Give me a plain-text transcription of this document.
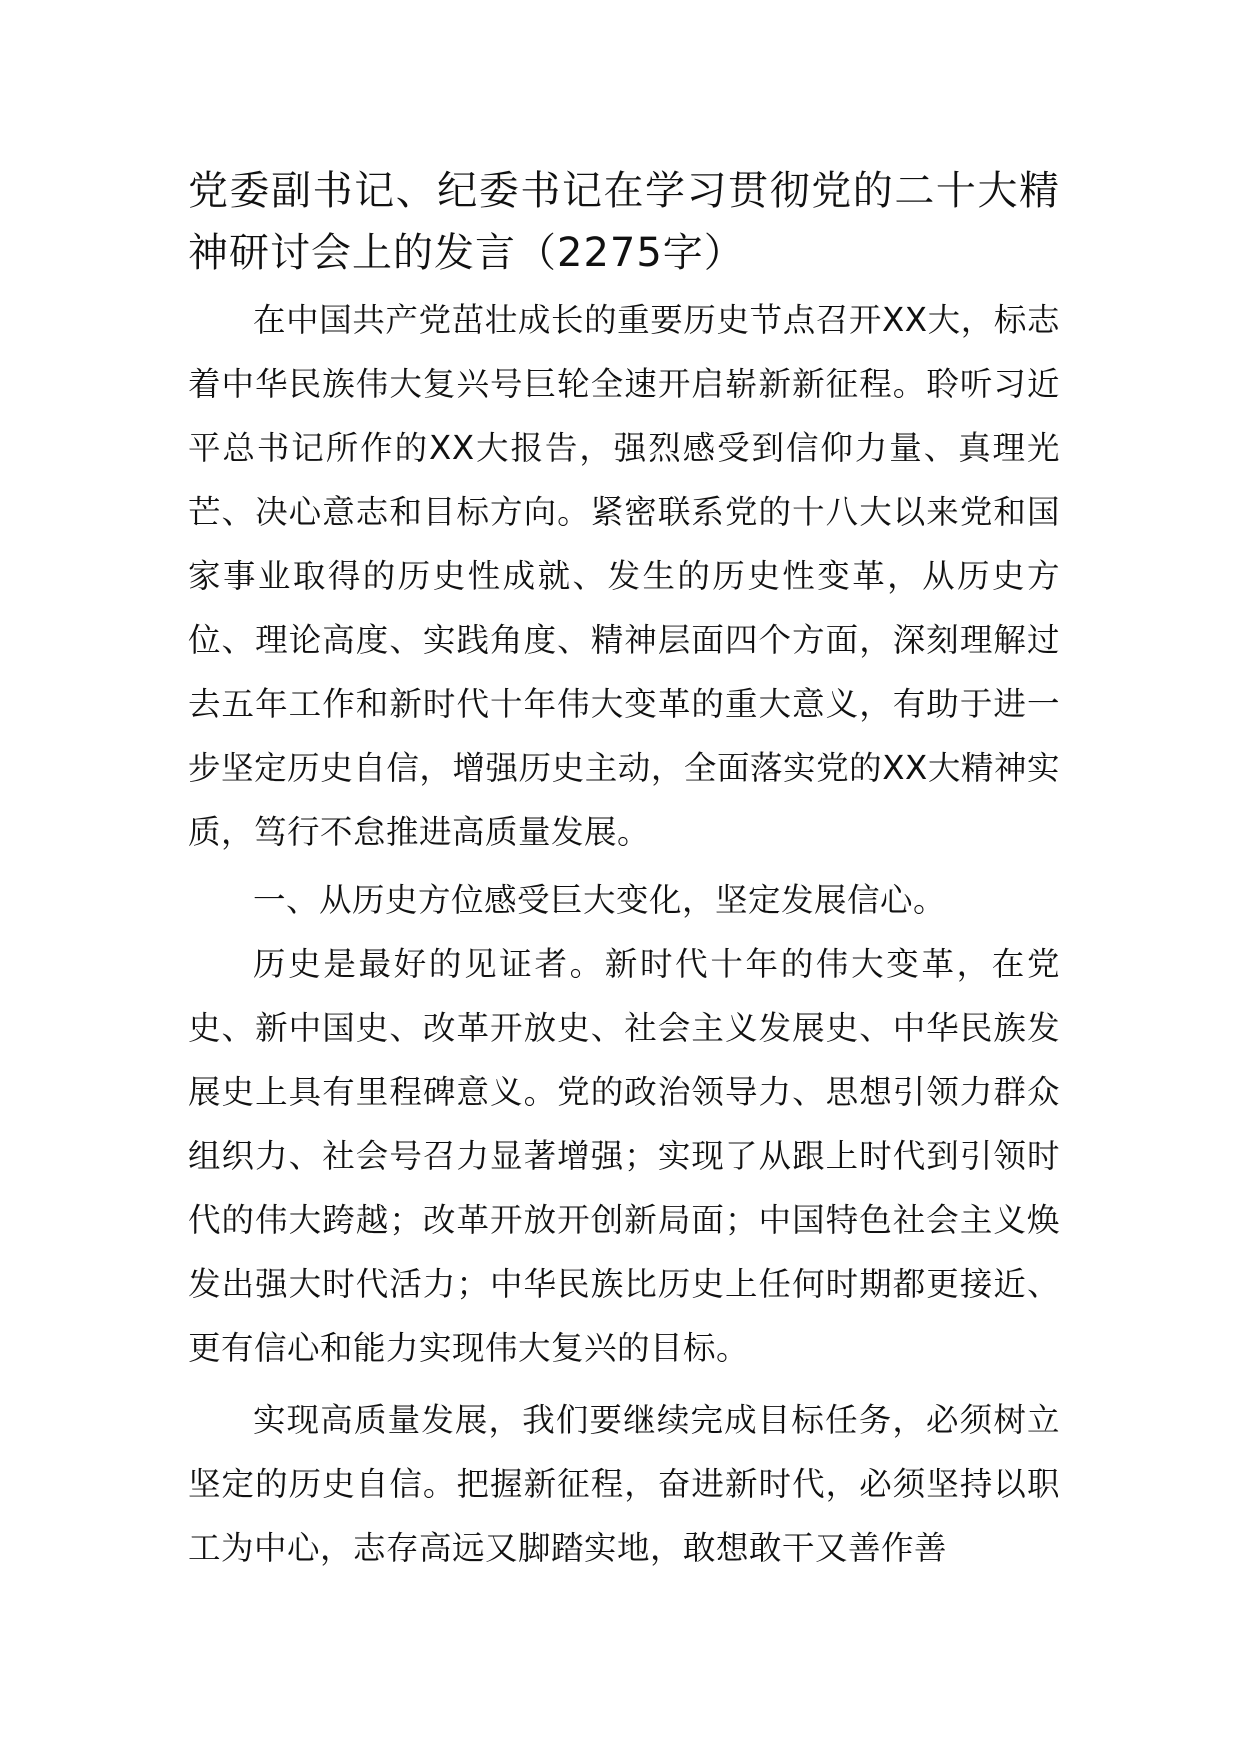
党委副书记、纪委书记在学习贯彻党的二十大精神研讨会上的发言（2275字）

在中国共产党茁壮成长的重要历史节点召开XX大，标志着中华民族伟大复兴号巨轮全速开启崭新新征程。聆听习近平总书记所作的XX大报告，强烈感受到信仰力量、真理光芒、决心意志和目标方向。紧密联系党的十八大以来党和国家事业取得的历史性成就、发生的历史性变革，从历史方位、理论高度、实践角度、精神层面四个方面，深刻理解过去五年工作和新时代十年伟大变革的重大意义，有助于进一步坚定历史自信，增强历史主动，全面落实党的XX大精神实质，笃行不怠推进高质量发展。

一、从历史方位感受巨大变化，坚定发展信心。

历史是最好的见证者。新时代十年的伟大变革，在党史、新中国史、改革开放史、社会主义发展史、中华民族发展史上具有里程碑意义。党的政治领导力、思想引领力群众组织力、社会号召力显著增强；实现了从跟上时代到引领时代的伟大跨越；改革开放开创新局面；中国特色社会主义焕发出强大时代活力；中华民族比历史上任何时期都更接近、更有信心和能力实现伟大复兴的目标。

实现高质量发展，我们要继续完成目标任务，必须树立坚定的历史自信。把握新征程，奋进新时代，必须坚持以职工为中心，志存高远又脚踏实地，敢想敢干又善作善
